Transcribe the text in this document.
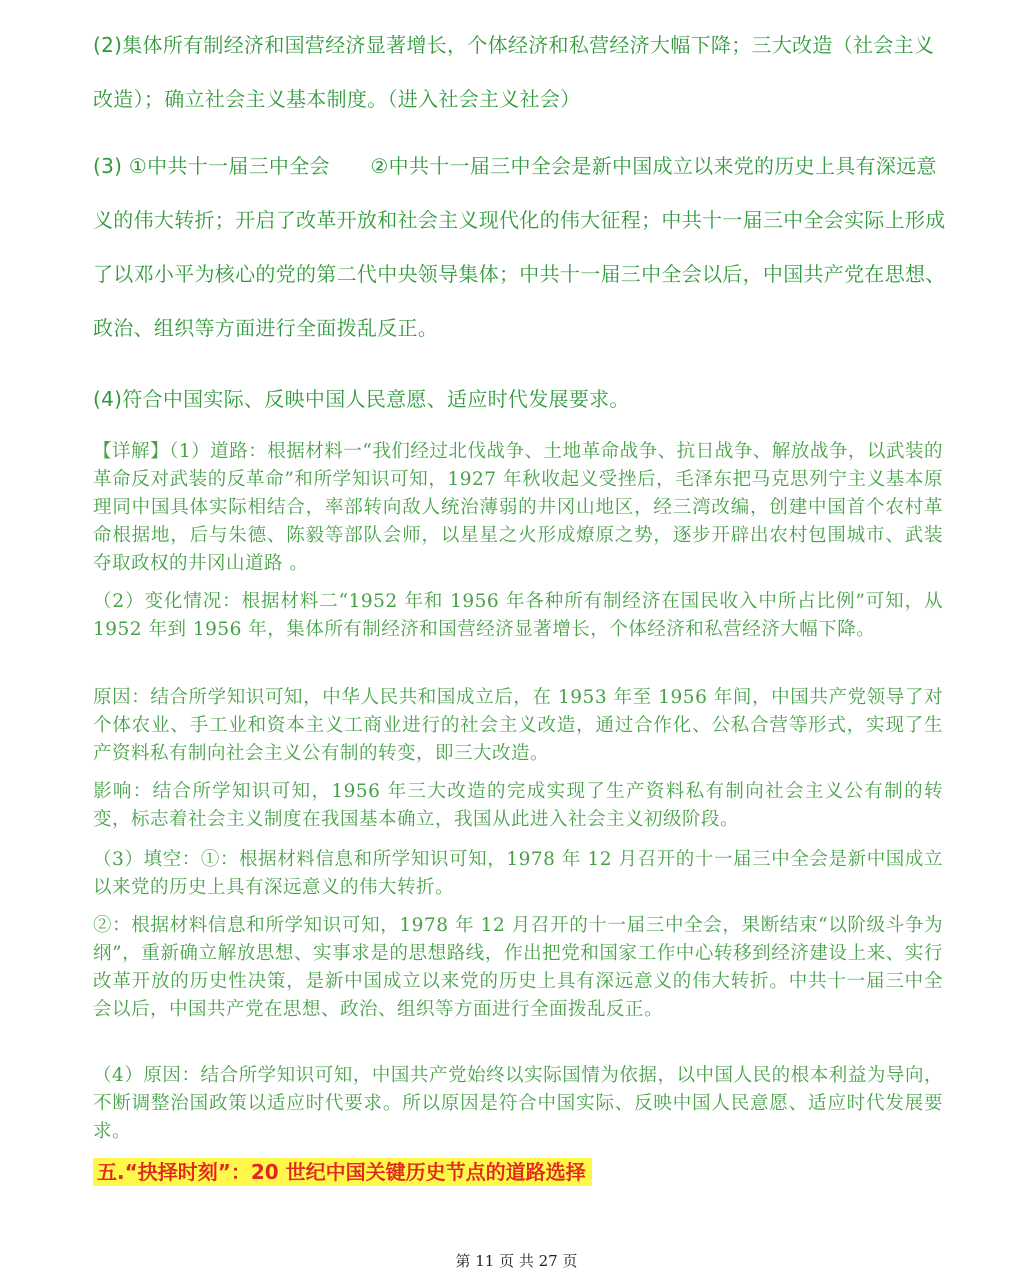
(2)集体所有制经济和国营经济显著增长，个体经济和私营经济大幅下降；三大改造（社会主义改造）；确立社会主义基本制度。（进入社会主义社会）

(3) ①中共十一届三中全会　　②中共十一届三中全会是新中国成立以来党的历史上具有深远意义的伟大转折；开启了改革开放和社会主义现代化的伟大征程；中共十一届三中全会实际上形成了以邓小平为核心的党的第二代中央领导集体；中共十一届三中全会以后，中国共产党在思想、政治、组织等方面进行全面拨乱反正。

(4)符合中国实际、反映中国人民意愿、适应时代发展要求。

【详解】（1）道路：根据材料一“我们经过北伐战争、土地革命战争、抗日战争、解放战争，以武装的革命反对武装的反革命”和所学知识可知，1927 年秋收起义受挫后，毛泽东把马克思列宁主义基本原理同中国具体实际相结合，率部转向敌人统治薄弱的井冈山地区，经三湾改编，创建中国首个农村革命根据地，后与朱德、陈毅等部队会师，以星星之火形成燎原之势，逐步开辟出农村包围城市、武装夺取政权的井冈山道路 。

（2）变化情况：根据材料二“1952 年和 1956 年各种所有制经济在国民收入中所占比例”可知，从 1952 年到 1956 年，集体所有制经济和国营经济显著增长，个体经济和私营经济大幅下降。

原因：结合所学知识可知，中华人民共和国成立后，在 1953 年至 1956 年间，中国共产党领导了对个体农业、手工业和资本主义工商业进行的社会主义改造，通过合作化、公私合营等形式，实现了生产资料私有制向社会主义公有制的转变，即三大改造。

影响：结合所学知识可知，1956 年三大改造的完成实现了生产资料私有制向社会主义公有制的转变，标志着社会主义制度在我国基本确立，我国从此进入社会主义初级阶段。

（3）填空：①：根据材料信息和所学知识可知，1978 年 12 月召开的十一届三中全会是新中国成立以来党的历史上具有深远意义的伟大转折。

②：根据材料信息和所学知识可知，1978 年 12 月召开的十一届三中全会，果断结束“以阶级斗争为纲”，重新确立解放思想、实事求是的思想路线，作出把党和国家工作中心转移到经济建设上来、实行改革开放的历史性决策，是新中国成立以来党的历史上具有深远意义的伟大转折。中共十一届三中全会以后，中国共产党在思想、政治、组织等方面进行全面拨乱反正。

（4）原因：结合所学知识可知，中国共产党始终以实际国情为依据，以中国人民的根本利益为导向，不断调整治国政策以适应时代要求。所以原因是符合中国实际、反映中国人民意愿、适应时代发展要求。

五.“抉择时刻”：20 世纪中国关键历史节点的道路选择
第 11 页 共 27 页
